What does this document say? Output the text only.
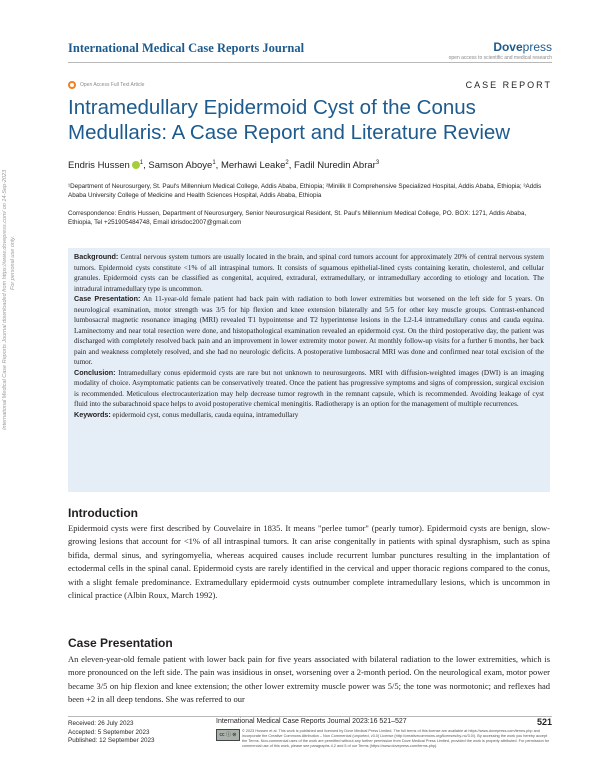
International Medical Case Reports Journal	Dovepress
open access to scientific and medical research
Open Access Full Text Article	CASE REPORT
Intramedullary Epidermoid Cyst of the Conus Medullaris: A Case Report and Literature Review
Endris Hussen $^1$, Samson Aboye$^1$, Merhawi Leake$^2$, Fadil Nuredin Abrar$^3$
¹Department of Neurosurgery, St. Paul's Millennium Medical College, Addis Ababa, Ethiopia; ²Minilik II Comprehensive Specialized Hospital, Addis Ababa, Ethiopia; ³Addis Ababa University College of Medicine and Health Sciences Hospital, Addis Ababa, Ethiopia
Correspondence: Endris Hussen, Department of Neurosurgery, Senior Neurosurgical Resident, St. Paul's Millennium Medical College, PO. BOX: 1271, Addis Ababa, Ethiopia, Tel +251905484748, Email idrisdoc2007@gmail.com

Background: Central nervous system tumors are usually located in the brain, and spinal cord tumors account for approximately 20% of central nervous system tumors. Epidermoid cysts constitute <1% of all intraspinal tumors. It consists of squamous epithelial-lined cysts containing keratin, cholesterol, and cellular granules. Epidermoid cysts can be classified as congenital, acquired, extradural, extramedullary, or intramedullary according to etiology and location. The intradural intramedullary type is uncommon.

Case Presentation: An 11-year-old female patient had back pain with radiation to both lower extremities but worsened on the left side for 5 years. On neurological examination, motor strength was 3/5 for hip flexion and knee extension bilaterally and 5/5 for other key muscle groups. Contrast-enhanced lumbosacral magnetic resonance imaging (MRI) revealed T1 hypointense and T2 hyperintense lesions in the L2-L4 intramedullary conus and cauda equina. Laminectomy and near total resection were done, and histopathological examination revealed an epidermoid cyst. On the third postoperative day, the patient was discharged with completely resolved back pain and an improvement in lower extremity motor power. At monthly follow-up visits for a further 6 months, her back pain and weakness completely resolved, and she had no neurologic deficits. A postoperative lumbosacral MRI was done and confirmed near total excision of the tumor.

Conclusion: Intramedullary conus epidermoid cysts are rare but not unknown to neurosurgeons. MRI with diffusion-weighted images (DWI) is an imaging modality of choice. Asymptomatic patients can be conservatively treated. Once the patient has progressive symptoms and signs of compression, surgical excision is recommended. Meticulous electrocauterization may help decrease tumor regrowth in the remnant capsule, which is recommended. Avoiding leakage of cyst fluid into the subarachnoid space helps to avoid postoperative chemical meningitis. Radiotherapy is an option for the management of multiple recurrences.

Keywords: epidermoid cyst, conus medullaris, cauda equina, intramedullary

Introduction

Epidermoid cysts were first described by Couvelaire in 1835. It means "perlee tumor" (pearly tumor). Epidermoid cysts are benign, slow-growing lesions that account for <1% of all intraspinal tumors. It can arise congenitally in patients with spinal dysraphism, such as spina bifida, dermal sinus, and syringomyelia, whereas acquired causes include recurrent lumbar punctures resulting in the implantation of ectodermal cells in the spinal canal. Epidermoid cysts are rarely identified in the cervical and upper thoracic regions compared to the conus, with a slight female predominance. Extramedullary epidermoid cysts outnumber complete intramedullary lesions, which is uncommon in clinical practice (Albin Roux, March 1992).

Case Presentation

An eleven-year-old female patient with lower back pain for five years associated with bilateral radiation to the lower extremities, which is more pronounced on the left side. The pain was insidious in onset, worsening over a 2-month period. On the neurological exam, motor power became 3/5 on hip flexion and knee extension; the other lower extremity muscle power was 5/5; the tone was normotonic; and reflexes had been +2 in all deep tendons. She was referred to our

International Medical Case Reports Journal downloaded from https://www.dovepress.com/ on 14-Sep-2023 For personal use only.
Received: 26 July 2023
Accepted: 5 September 2023
Published: 12 September 2023
International Medical Case Reports Journal 2023:16 521–527	521
cc ⓘ ⊜
© 2023 Hussen et al. This work is published and licensed by Dove Medical Press Limited. The full terms of this license are available at https://www.dovepress.com/terms.php and incorporate the Creative Commons Attribution – Non Commercial (unported, v3.0) License (http://creativecommons.org/licenses/by-nc/3.0/). By accessing the work you hereby accept the Terms. Non-commercial uses of the work are permitted without any further permission from Dove Medical Press Limited, provided the work is properly attributed. For permission for commercial use of this work, please see paragraphs 4.2 and 5 of our Terms (https://www.dovepress.com/terms.php).
